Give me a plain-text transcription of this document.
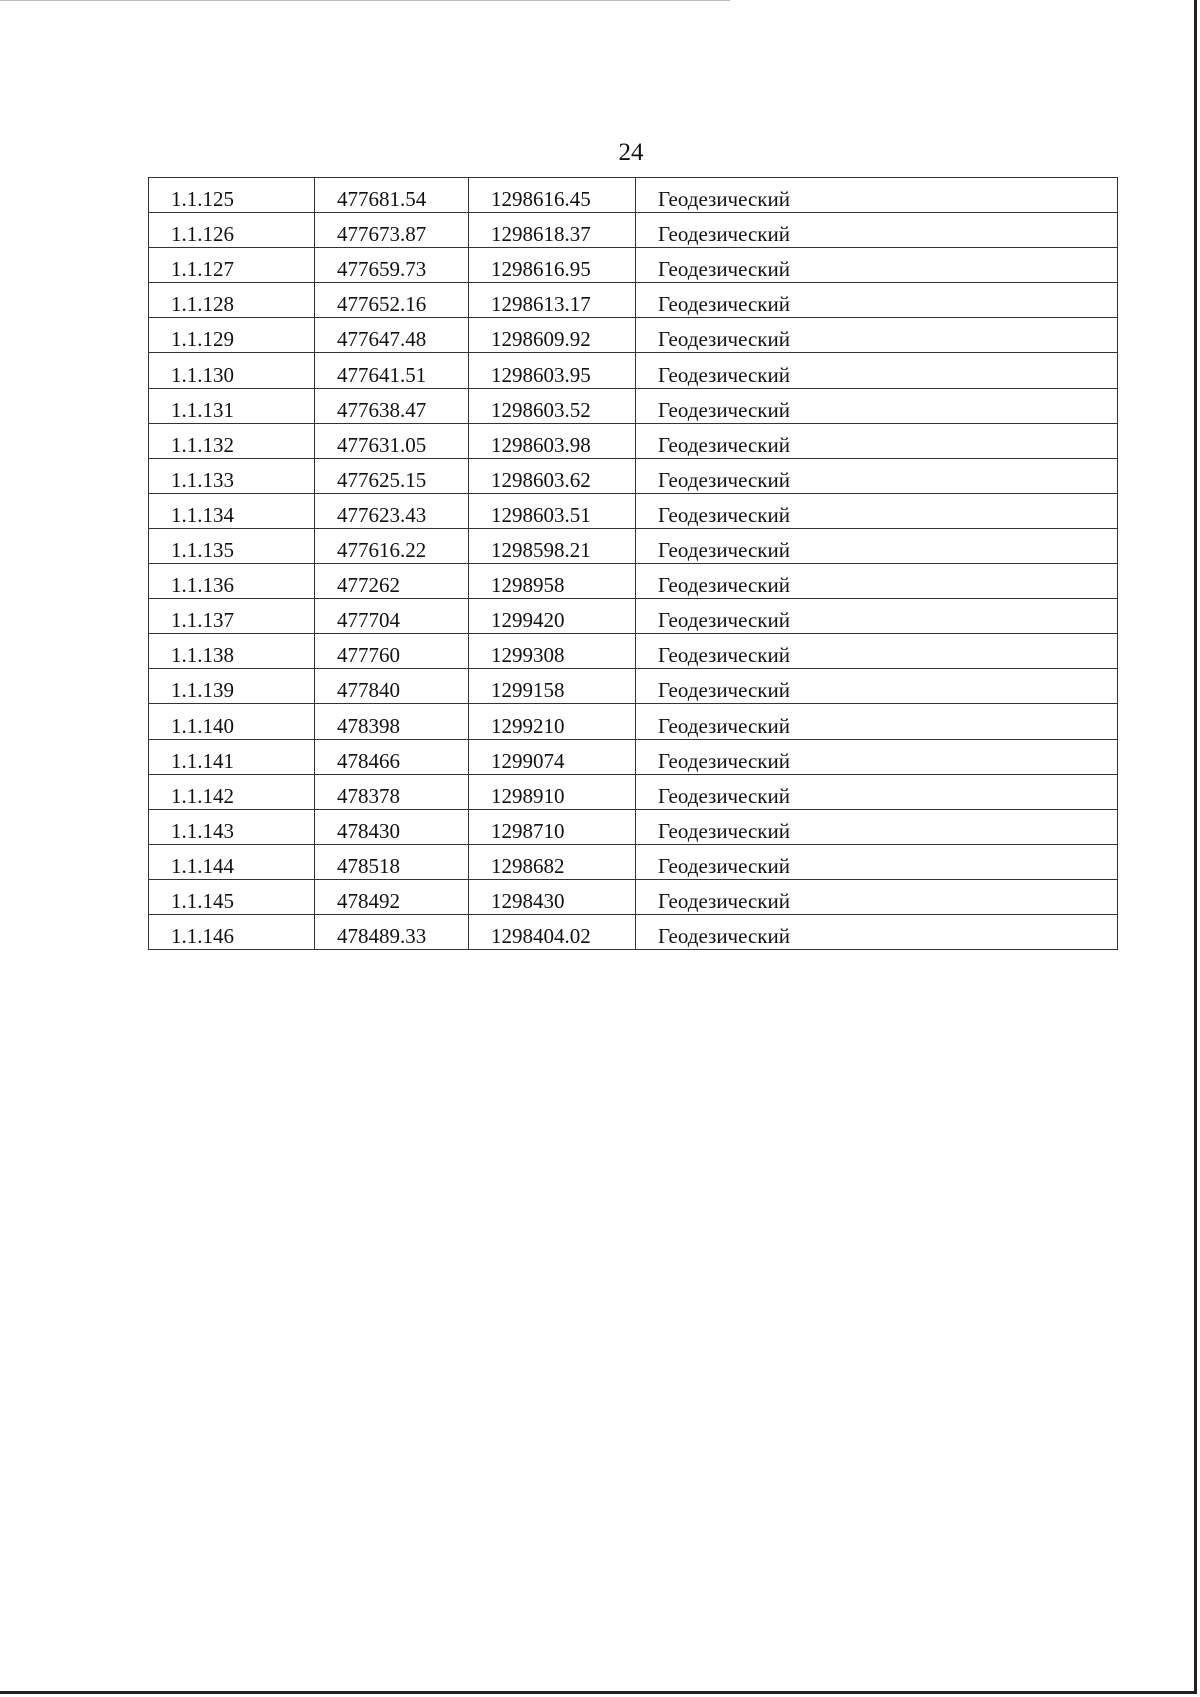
24
1.1.125	477681.54	1298616.45	Геодезический
1.1.126	477673.87	1298618.37	Геодезический
1.1.127	477659.73	1298616.95	Геодезический
1.1.128	477652.16	1298613.17	Геодезический
1.1.129	477647.48	1298609.92	Геодезический
1.1.130	477641.51	1298603.95	Геодезический
1.1.131	477638.47	1298603.52	Геодезический
1.1.132	477631.05	1298603.98	Геодезический
1.1.133	477625.15	1298603.62	Геодезический
1.1.134	477623.43	1298603.51	Геодезический
1.1.135	477616.22	1298598.21	Геодезический
1.1.136	477262	1298958	Геодезический
1.1.137	477704	1299420	Геодезический
1.1.138	477760	1299308	Геодезический
1.1.139	477840	1299158	Геодезический
1.1.140	478398	1299210	Геодезический
1.1.141	478466	1299074	Геодезический
1.1.142	478378	1298910	Геодезический
1.1.143	478430	1298710	Геодезический
1.1.144	478518	1298682	Геодезический
1.1.145	478492	1298430	Геодезический
1.1.146	478489.33	1298404.02	Геодезический
